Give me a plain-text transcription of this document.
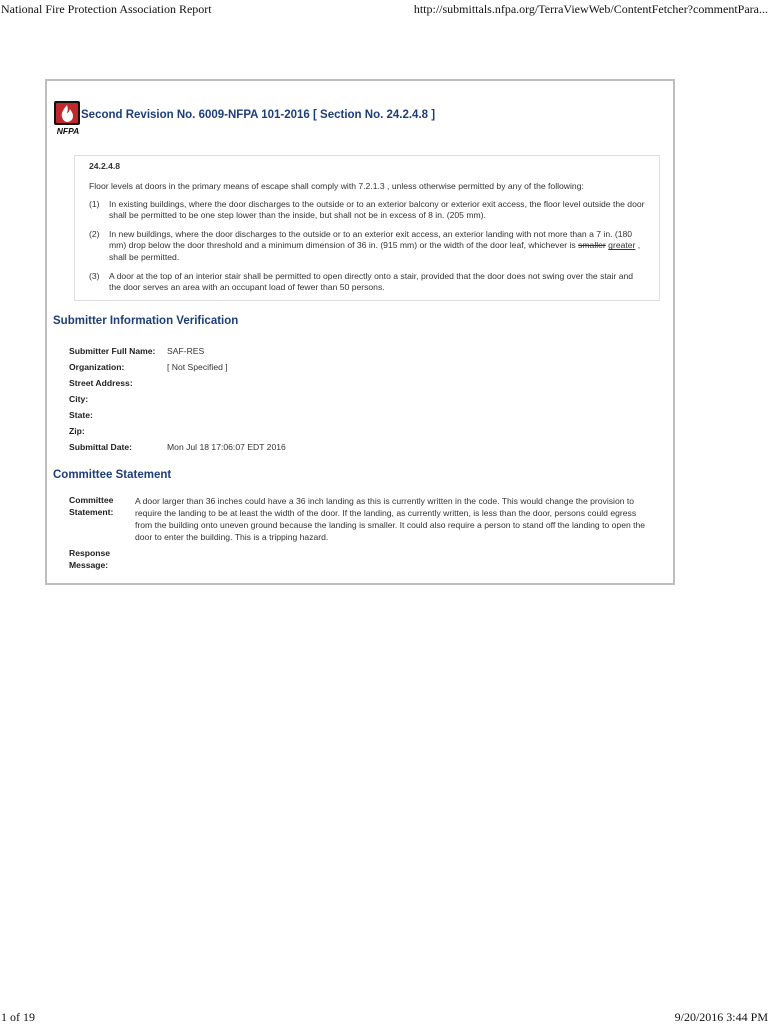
National Fire Protection Association Report	http://submittals.nfpa.org/TerraViewWeb/ContentFetcher?commentPara...
NFPA
Second Revision No. 6009-NFPA 101-2016 [ Section No. 24.2.4.8 ]
24.2.4.8
Floor levels at doors in the primary means of escape shall comply with 7.2.1.3 , unless otherwise permitted by any of the following:
(1) In existing buildings, where the door discharges to the outside or to an exterior balcony or exterior exit access, the floor level outside the door shall be permitted to be one step lower than the inside, but shall not be in excess of 8 in. (205 mm).
(2) In new buildings, where the door discharges to the outside or to an exterior exit access, an exterior landing with not more than a 7 in. (180 mm) drop below the door threshold and a minimum dimension of 36 in. (915 mm) or the width of the door leaf, whichever is smaller greater , shall be permitted.
(3) A door at the top of an interior stair shall be permitted to open directly onto a stair, provided that the door does not swing over the stair and the door serves an area with an occupant load of fewer than 50 persons.
Submitter Information Verification
Submitter Full Name: SAF-RES
Organization:	[ Not Specified ]
Street Address:
City:
State:
Zip:
Submittal Date:	Mon Jul 18 17:06:07 EDT 2016
Committee Statement
Committee
Statement:
A door larger than 36 inches could have a 36 inch landing as this is currently written in the code. This would change the provision to require the landing to be at least the width of the door. If the landing, as currently written, is less than the door, persons could egress from the building onto uneven ground because the landing is smaller. It could also require a person to stand off the landing to open the door to enter the building. This is a tripping hazard.
Response
Message:
1 of 19	9/20/2016 3:44 PM
